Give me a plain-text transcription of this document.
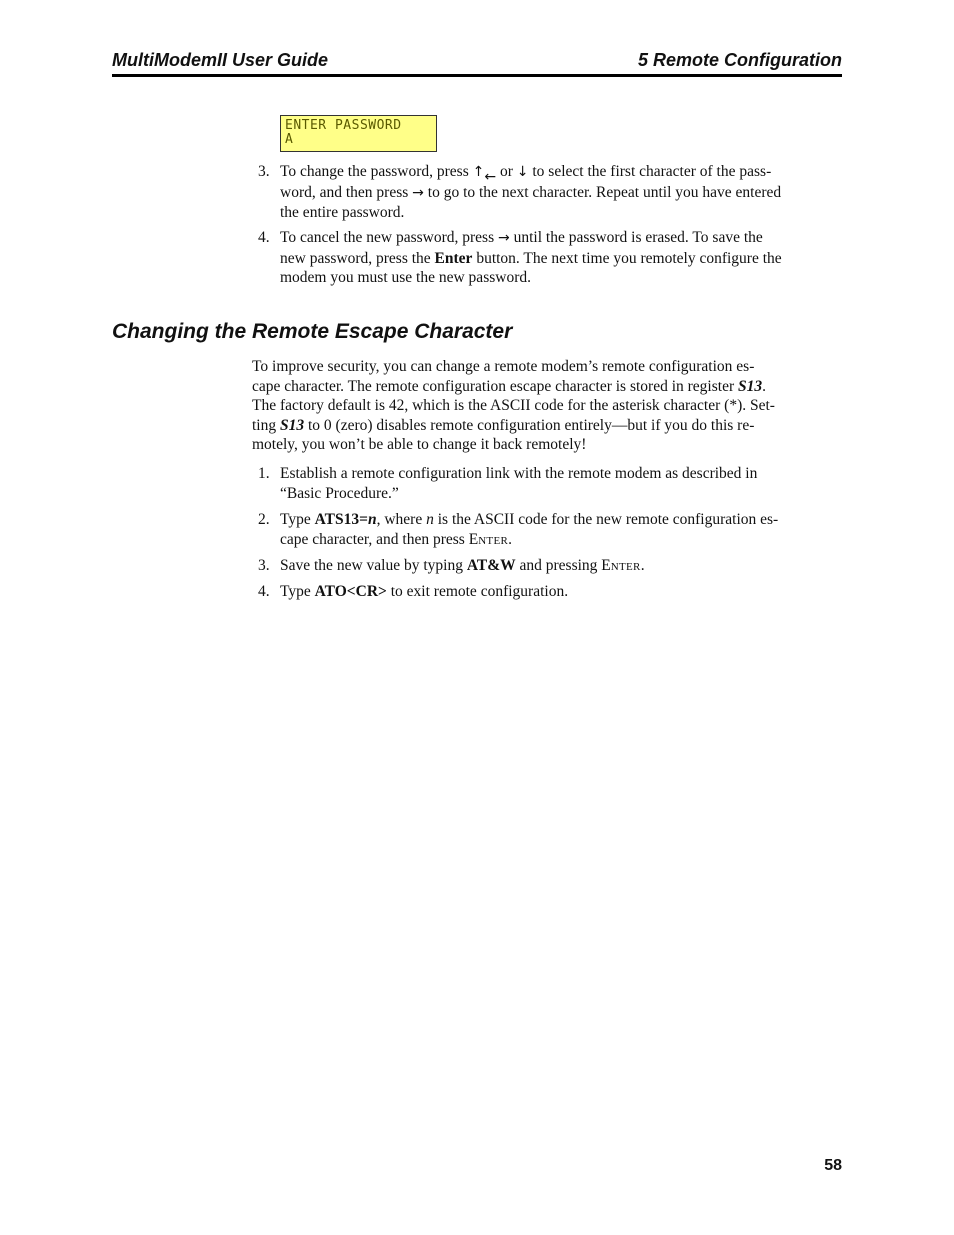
MultiModemII User Guide	5 Remote Configuration
ENTER PASSWORD
A
3. To change the password, press ↑← or ↓ to select the first character of the pass-
word, and then press → to go to the next character. Repeat until you have entered
the entire password.
4. To cancel the new password, press → until the password is erased. To save the
new password, press the Enter button. The next time you remotely configure the
modem you must use the new password.
Changing the Remote Escape Character
To improve security, you can change a remote modem’s remote configuration es-
cape character. The remote configuration escape character is stored in register S13.
The factory default is 42, which is the ASCII code for the asterisk character (*). Set-
ting S13 to 0 (zero) disables remote configuration entirely—but if you do this re-
motely, you won’t be able to change it back remotely!
1. Establish a remote configuration link with the remote modem as described in
“Basic Procedure.”
2. Type ATS13=n, where n is the ASCII code for the new remote configuration es-
cape character, and then press ENTER.
3. Save the new value by typing AT&W and pressing ENTER.
4. Type ATO<CR> to exit remote configuration.
58
